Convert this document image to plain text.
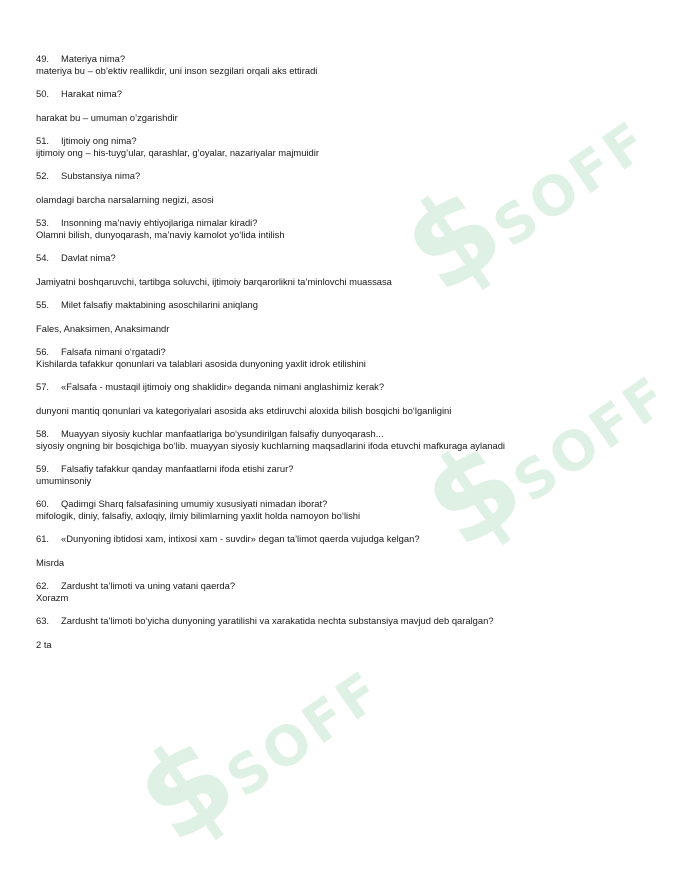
$SOFF
$SOFF
$SOFF
49. Materiya nima?
materiya bu – ob’ektiv reallikdir, uni inson sezgilari orqali aks ettiradi
50. Harakat nima?
harakat bu – umuman o’zgarishdir
51. Ijtimoiy ong nima?
ijtimoiy ong – his-tuyg’ular, qarashlar, g’oyalar, nazariyalar majmuidir
52. Substansiya nima?
olamdagi barcha narsalarning negizi, asosi
53. Insonning ma’naviy ehtiyojlariga nimalar kiradi?
Olamni bilish, dunyoqarash, ma’naviy kamolot yo‘lida intilish
54. Davlat nima?
Jamiyatni boshqaruvchi, tartibga soluvchi, ijtimoiy barqarorlikni ta’minlovchi muassasa
55. Milet falsafiy maktabining asoschilarini aniqlang
Fales, Anaksimen, Anaksimandr
56. Falsafa nimani o‘rgatadi?
Kishilarda tafakkur qonunlari va talablari asosida dunyoning yaxlit idrok etilishini
57. «Falsafa - mustaqil ijtimoiy ong shaklidir» deganda nimani anglashimiz kerak?
dunyoni mantiq qonunlari va kategoriyalari asosida aks etdiruvchi aloxida bilish bosqichi bo‘lganligini
58. Muayyan siyosiy kuchlar manfaatlariga bo‘ysundirilgan falsafiy dunyoqarash...
siyosiy ongning bir bosqichiga bo‘lib. muayyan siyosiy kuchlarning maqsadlarini ifoda etuvchi mafkuraga aylanadi
59. Falsafiy tafakkur qanday manfaatlarni ifoda etishi zarur?
umuminsoniy
60. Qadimgi Sharq falsafasining umumiy xususiyati nimadan iborat?
mifologik, diniy, falsafiy, axloqiy, ilmiy bilimlarning yaxlit holda namoyon bo‘lishi
61. «Dunyoning ibtidosi xam, intixosi xam - suvdir» degan ta’limot qaerda vujudga kelgan?
Misrda
62. Zardusht ta’limoti va uning vatani qaerda?
Xorazm
63. Zardusht ta’limoti bo‘yicha dunyoning yaratilishi va xarakatida nechta substansiya mavjud deb qaralgan?
2 ta
